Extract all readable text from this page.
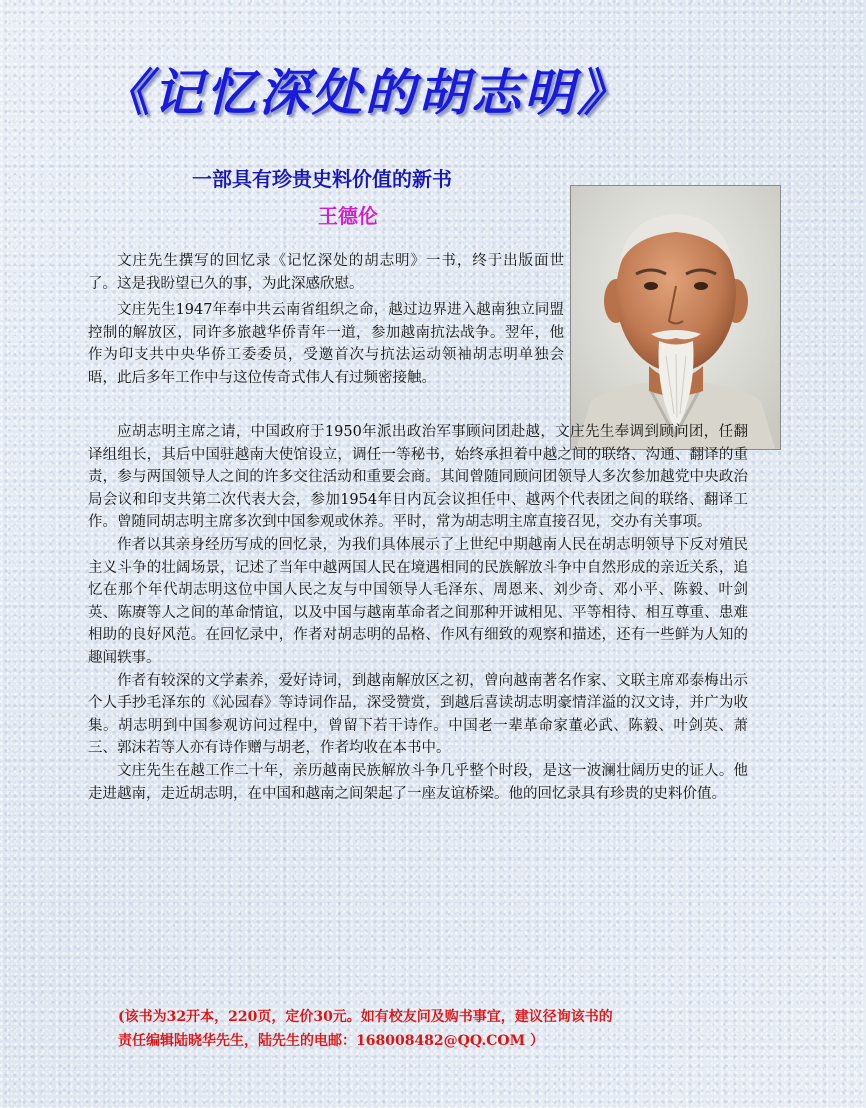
《记忆深处的胡志明》
一部具有珍贵史料价值的新书
王德伦

文庄先生撰写的回忆录《记忆深处的胡志明》一书，终于出版面世了。这是我盼望已久的事，为此深感欣慰。

文庄先生1947年奉中共云南省组织之命，越过边界进入越南独立同盟控制的解放区，同许多旅越华侨青年一道，参加越南抗法战争。翌年，他作为印支共中央华侨工委委员，受邀首次与抗法运动领袖胡志明单独会晤，此后多年工作中与这位传奇式伟人有过频密接触。

应胡志明主席之请，中国政府于1950年派出政治军事顾问团赴越，文庄先生奉调到顾问团，任翻译组组长，其后中国驻越南大使馆设立，调任一等秘书，始终承担着中越之间的联络、沟通、翻译的重责，参与两国领导人之间的许多交往活动和重要会商。其间曾随同顾问团领导人多次参加越党中央政治局会议和印支共第二次代表大会，参加1954年日内瓦会议担任中、越两个代表团之间的联络、翻译工作。曾随同胡志明主席多次到中国参观或休养。平时，常为胡志明主席直接召见，交办有关事项。

作者以其亲身经历写成的回忆录，为我们具体展示了上世纪中期越南人民在胡志明领导下反对殖民主义斗争的壮阔场景，记述了当年中越两国人民在境遇相同的民族解放斗争中自然形成的亲近关系，追忆在那个年代胡志明这位中国人民之友与中国领导人毛泽东、周恩来、刘少奇、邓小平、陈毅、叶剑英、陈赓等人之间的革命情谊，以及中国与越南革命者之间那种开诚相见、平等相待、相互尊重、患难相助的良好风范。在回忆录中，作者对胡志明的品格、作风有细致的观察和描述，还有一些鲜为人知的趣闻轶事。

作者有较深的文学素养，爱好诗词，到越南解放区之初，曾向越南著名作家、文联主席邓泰梅出示个人手抄毛泽东的《沁园春》等诗词作品，深受赞赏，到越后喜读胡志明豪情洋溢的汉文诗，并广为收集。胡志明到中国参观访问过程中，曾留下若干诗作。中国老一辈革命家董必武、陈毅、叶剑英、萧三、郭沫若等人亦有诗作赠与胡老，作者均收在本书中。

文庄先生在越工作二十年，亲历越南民族解放斗争几乎整个时段，是这一波澜壮阔历史的证人。他走进越南，走近胡志明，在中国和越南之间架起了一座友谊桥梁。他的回忆录具有珍贵的史料价值。

(该书为32开本，220页，定价30元。如有校友问及购书事宜，建议径询该书的
责任编辑陆晓华先生，陆先生的电邮：168008482@QQ.COM ）
